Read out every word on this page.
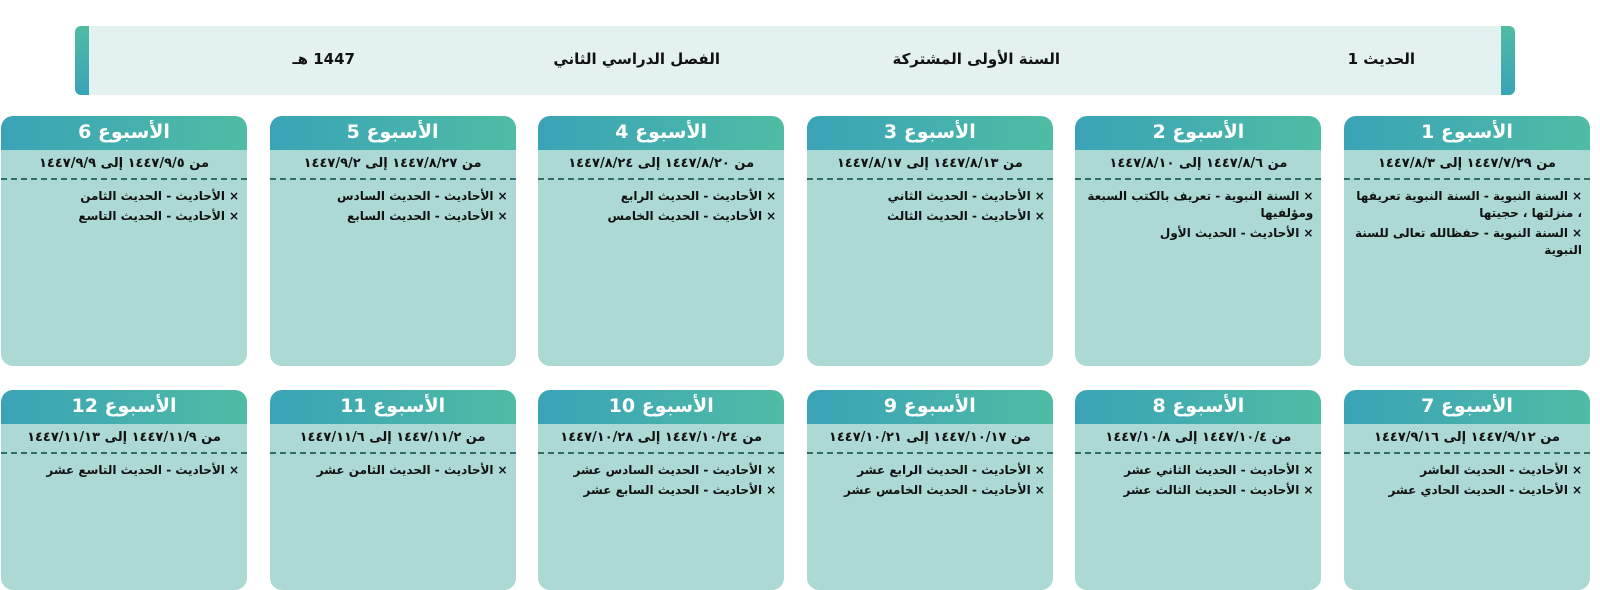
الحديث 1
السنة الأولى المشتركة
الفصل الدراسي الثاني
1447 هـ
الأسبوع 1
من ١٤٤٧/٧/٢٩ إلى ١٤٤٧/٨/٣
×السنة النبوية - السنة النبوية تعريفها ، منزلتها ، حجيتها
×السنة النبوية - حفظالله تعالى للسنة النبوية
الأسبوع 2
من ١٤٤٧/٨/٦ إلى ١٤٤٧/٨/١٠
×السنة النبوية - تعريف بالكتب السبعة ومؤلفيها
×الأحاديث - الحديث الأول
الأسبوع 3
من ١٤٤٧/٨/١٣ إلى ١٤٤٧/٨/١٧
×الأحاديث - الحديث الثاني
×الأحاديث - الحديث الثالث
الأسبوع 4
من ١٤٤٧/٨/٢٠ إلى ١٤٤٧/٨/٢٤
×الأحاديث - الحديث الرابع
×الأحاديث - الحديث الخامس
الأسبوع 5
من ١٤٤٧/٨/٢٧ إلى ١٤٤٧/٩/٢
×الأحاديث - الحديث السادس
×الأحاديث - الحديث السابع
الأسبوع 6
من ١٤٤٧/٩/٥ إلى ١٤٤٧/٩/٩
×الأحاديث - الحديث الثامن
×الأحاديث - الحديث التاسع
الأسبوع 7
من ١٤٤٧/٩/١٢ إلى ١٤٤٧/٩/١٦
×الأحاديث - الحديث العاشر
×الأحاديث - الحديث الحادي عشر
الأسبوع 8
من ١٤٤٧/١٠/٤ إلى ١٤٤٧/١٠/٨
×الأحاديث - الحديث الثاني عشر
×الأحاديث - الحديث الثالث عشر
الأسبوع 9
من ١٤٤٧/١٠/١٧ إلى ١٤٤٧/١٠/٢١
×الأحاديث - الحديث الرابع عشر
×الأحاديث - الحديث الخامس عشر
الأسبوع 10
من ١٤٤٧/١٠/٢٤ إلى ١٤٤٧/١٠/٢٨
×الأحاديث - الحديث السادس عشر
×الأحاديث - الحديث السابع عشر
الأسبوع 11
من ١٤٤٧/١١/٢ إلى ١٤٤٧/١١/٦
×الأحاديث - الحديث الثامن عشر
الأسبوع 12
من ١٤٤٧/١١/٩ إلى ١٤٤٧/١١/١٣
×الأحاديث - الحديث التاسع عشر
